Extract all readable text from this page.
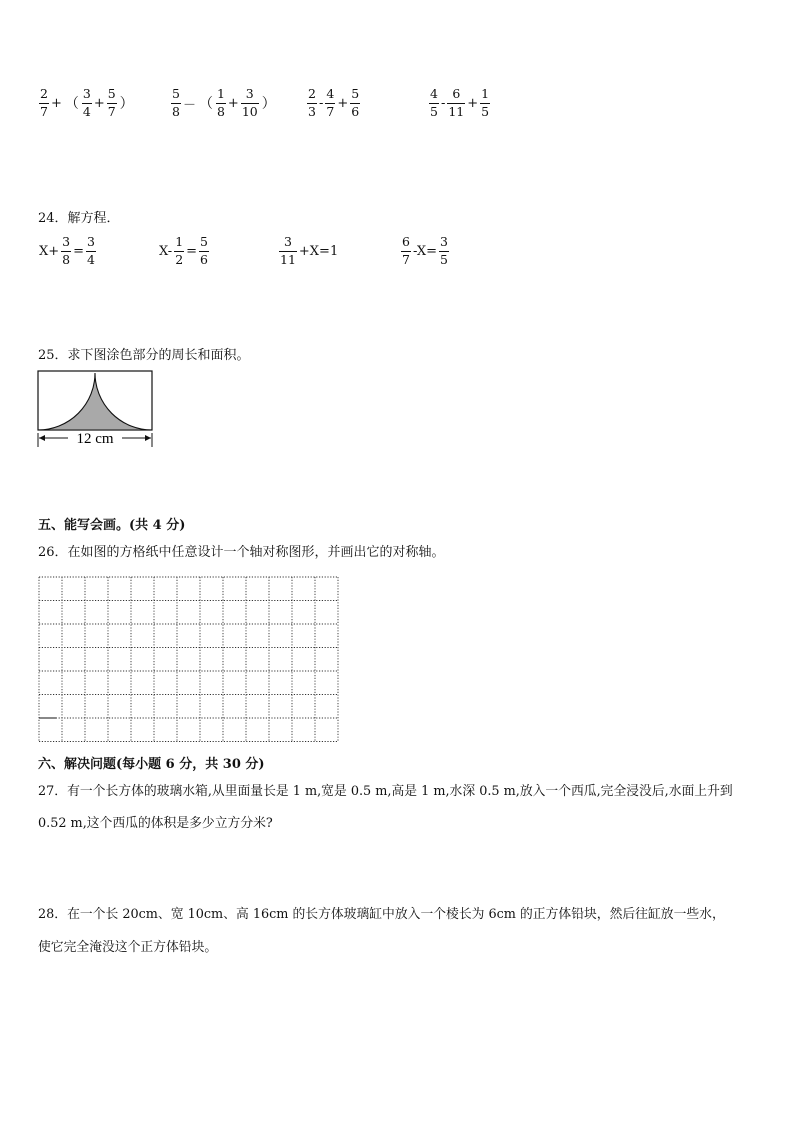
24．解方程．
25．求下图涂色部分的周长和面积。
12 cm
五、能写会画。(共 4 分)
26．在如图的方格纸中任意设计一个轴对称图形，并画出它的对称轴。
六、解决问题(每小题 6 分，共 30 分)
27．有一个长方体的玻璃水箱,从里面量长是 1 m,宽是 0.5 m,高是 1 m,水深 0.5 m,放入一个西瓜,完全浸没后,水面上升到
0.52 m,这个西瓜的体积是多少立方分米?
28．在一个长 20cm、宽 10cm、高 16cm 的长方体玻璃缸中放入一个棱长为 6cm 的正方体铅块，然后往缸放一些水，
使它完全淹没这个正方体铅块。
$\frac{2}{7}$ + （ $\frac{3}{4} + \frac{5}{7}$ ）	$\frac{5}{8}$ － （ $\frac{1}{8} + \frac{3}{10}$ ）	$\frac{2}{3} - \frac{4}{7} + \frac{5}{6}$	$\frac{4}{5} - \frac{6}{11} + \frac{1}{5}$
$X+ \frac{3}{8} = \frac{3}{4}$	$X- \frac{1}{2} = \frac{5}{6}$	$\frac{3}{11} +X=1$	$\frac{6}{7} -X= \frac{3}{5}$
